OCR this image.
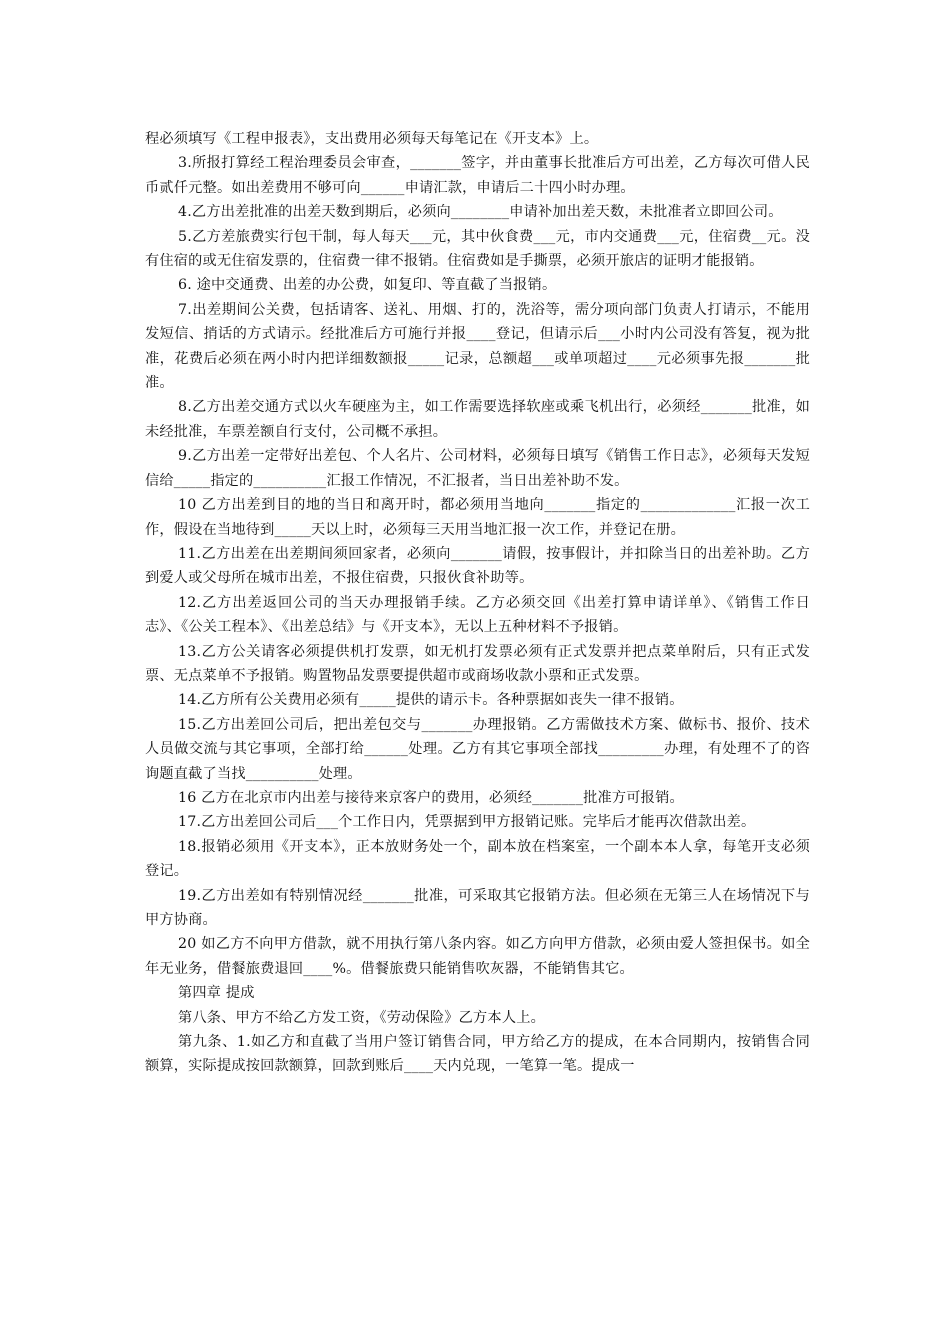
程必须填写《工程申报表》，支出费用必须每天每笔记在《开支本》上。

3.所报打算经工程治理委员会审查，_______签字，并由董事长批准后方可出差，乙方每次可借人民币贰仟元整。如出差费用不够可向______申请汇款，申请后二十四小时办理。

4.乙方出差批准的出差天数到期后，必须向________申请补加出差天数，未批准者立即回公司。

5.乙方差旅费实行包干制，每人每天___元，其中伙食费___元，市内交通费___元，住宿费__元。没有住宿的或无住宿发票的，住宿费一律不报销。住宿费如是手撕票，必须开旅店的证明才能报销。

6. 途中交通费、出差的办公费，如复印、等直截了当报销。

7.出差期间公关费，包括请客、送礼、用烟、打的，洗浴等，需分项向部门负责人打请示，不能用发短信、捎话的方式请示。经批准后方可施行并报____登记，但请示后___小时内公司没有答复，视为批准，花费后必须在两小时内把详细数额报_____记录，总额超___或单项超过____元必须事先报_______批准。

8.乙方出差交通方式以火车硬座为主，如工作需要选择软座或乘飞机出行，必须经_______批准，如未经批准，车票差额自行支付，公司概不承担。

9.乙方出差一定带好出差包、个人名片、公司材料，必须每日填写《销售工作日志》，必须每天发短信给_____指定的__________汇报工作情况，不汇报者，当日出差补助不发。

10 乙方出差到目的地的当日和离开时，都必须用当地向_______指定的_____________汇报一次工作，假设在当地待到_____天以上时，必须每三天用当地汇报一次工作，并登记在册。

11.乙方出差在出差期间须回家者，必须向_______请假，按事假计，并扣除当日的出差补助。乙方到爱人或父母所在城市出差，不报住宿费，只报伙食补助等。

12.乙方出差返回公司的当天办理报销手续。乙方必须交回《出差打算申请详单》、《销售工作日志》、《公关工程本》、《出差总结》与《开支本》，无以上五种材料不予报销。

13.乙方公关请客必须提供机打发票，如无机打发票必须有正式发票并把点菜单附后，只有正式发票、无点菜单不予报销。购置物品发票要提供超市或商场收款小票和正式发票。

14.乙方所有公关费用必须有_____提供的请示卡。各种票据如丧失一律不报销。

15.乙方出差回公司后，把出差包交与_______办理报销。乙方需做技术方案、做标书、报价、技术人员做交流与其它事项，全部打给______处理。乙方有其它事项全部找_________办理，有处理不了的咨询题直截了当找__________处理。

16 乙方在北京市内出差与接待来京客户的费用，必须经_______批准方可报销。

17.乙方出差回公司后___个工作日内，凭票据到甲方报销记账。完毕后才能再次借款出差。

18.报销必须用《开支本》，正本放财务处一个，副本放在档案室，一个副本本人拿，每笔开支必须登记。

19.乙方出差如有特别情况经_______批准，可采取其它报销方法。但必须在无第三人在场情况下与甲方协商。

20 如乙方不向甲方借款，就不用执行第八条内容。如乙方向甲方借款，必须由爱人签担保书。如全年无业务，借餐旅费退回____%。借餐旅费只能销售吹灰器，不能销售其它。

第四章 提成

第八条、甲方不给乙方发工资，《劳动保险》乙方本人上。

第九条、1.如乙方和直截了当用户签订销售合同，甲方给乙方的提成，在本合同期内，按销售合同额算，实际提成按回款额算，回款到账后____天内兑现，一笔算一笔。提成一
